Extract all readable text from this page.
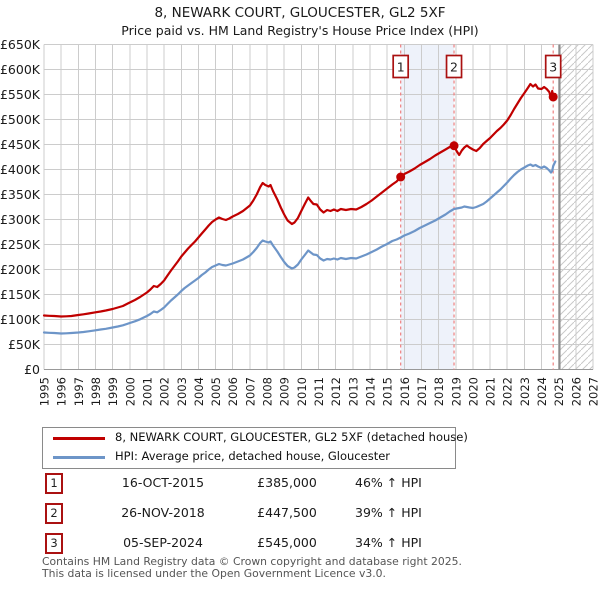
8, NEWARK COURT, GLOUCESTER, GL2 5XF
Price paid vs. HM Land Registry's House Price Index (HPI)
1	2	3
£0
£50K
£100K
£150K
£200K
£250K
£300K
£350K
£400K
£450K
£500K
£550K
£600K
£650K
1995 1996 1997 1998 1999 2000 2001 2002 2003 2004 2005 2006 2007 2008 2009 2010 2011 2012 2013 2014 2015 2016 2017 2018 2019 2020 2021 2022 2023 2024 2025 2026 2027
8, NEWARK COURT, GLOUCESTER, GL2 5XF (detached house)
HPI: Average price, detached house, Gloucester
1	16-OCT-2015	£385,000	46% ↑ HPI
2	26-NOV-2018	£447,500	39% ↑ HPI
3	05-SEP-2024	£545,000	34% ↑ HPI
Contains HM Land Registry data © Crown copyright and database right 2025.
This data is licensed under the Open Government Licence v3.0.
